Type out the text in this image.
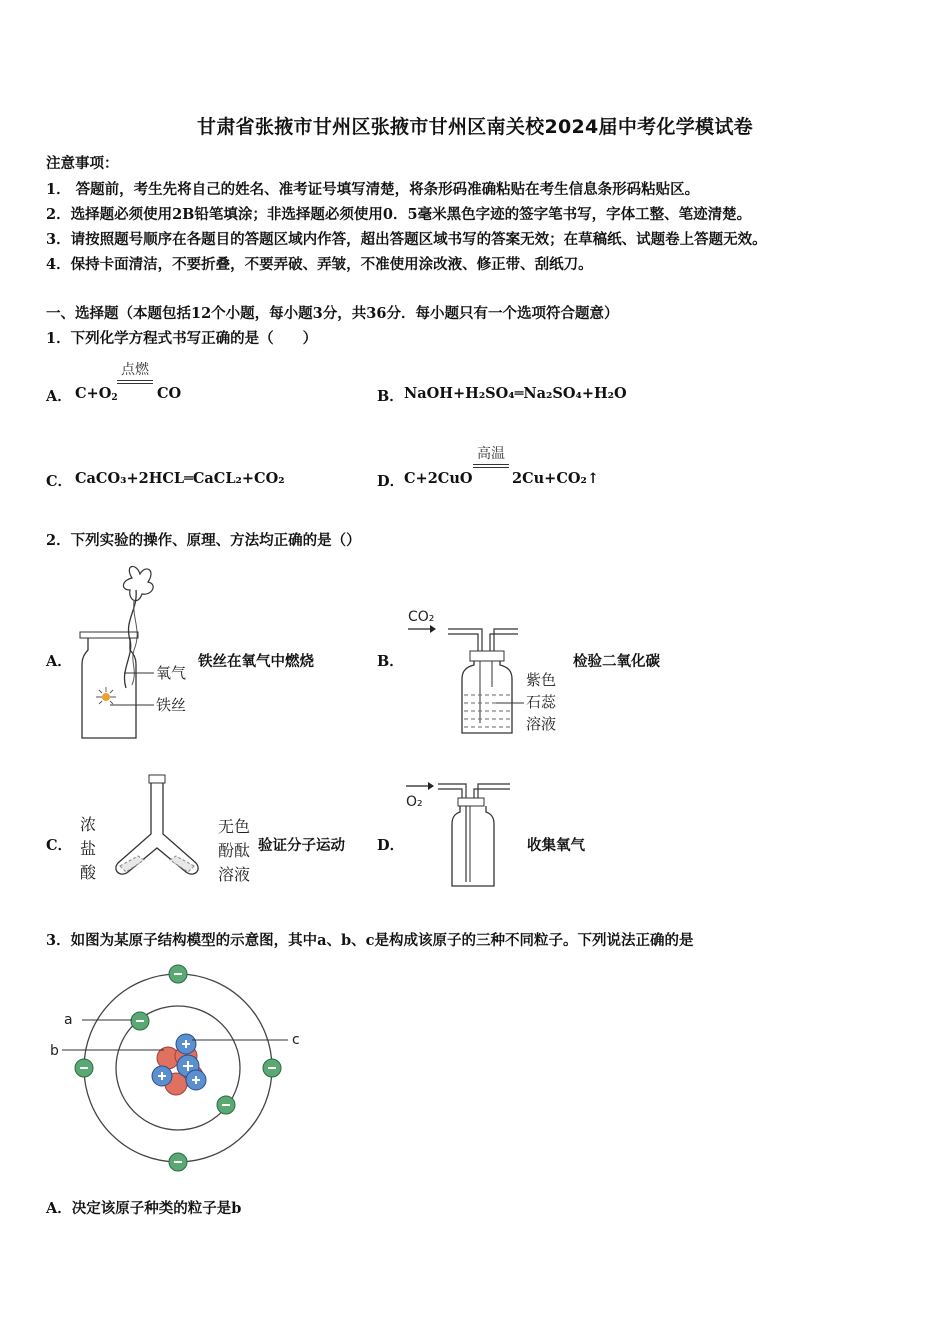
甘肃省张掖市甘州区张掖市甘州区南关校2024届中考化学模试卷
注意事项：
1． 答题前，考生先将自己的姓名、准考证号填写清楚，将条形码准确粘贴在考生信息条形码粘贴区。
2．选择题必须使用2B铅笔填涂；非选择题必须使用0．5毫米黑色字迹的签字笔书写，字体工整、笔迹清楚。
3．请按照题号顺序在各题目的答题区域内作答，超出答题区域书写的答案无效；在草稿纸、试题卷上答题无效。
4．保持卡面清洁，不要折叠，不要弄破、弄皱，不准使用涂改液、修正带、刮纸刀。
一、选择题（本题包括12个小题，每小题3分，共36分．每小题只有一个选项符合题意）
1．下列化学方程式书写正确的是（　　）
A． $C+O_2$
点燃
CO	B． NaOH+H₂SO₄═Na₂SO₄+H₂O
C． CaCO₃+2HCL═CaCL₂+CO₂	D． C+2CuO
高温
2Cu+CO₂↑
2．下列实验的操作、原理、方法均正确的是（）
A．
氧气
铁丝
铁丝在氧气中燃烧	B．
CO₂
紫色
石蕊
溶液
检验二氧化碳
C．
浓
盐
酸
无色
酚酞
溶液
验证分子运动 D．
O₂
收集氧气
3．如图为某原子结构模型的示意图，其中a、b、c是构成该原子的三种不同粒子。下列说法正确的是
a
b
c
A．决定该原子种类的粒子是b
